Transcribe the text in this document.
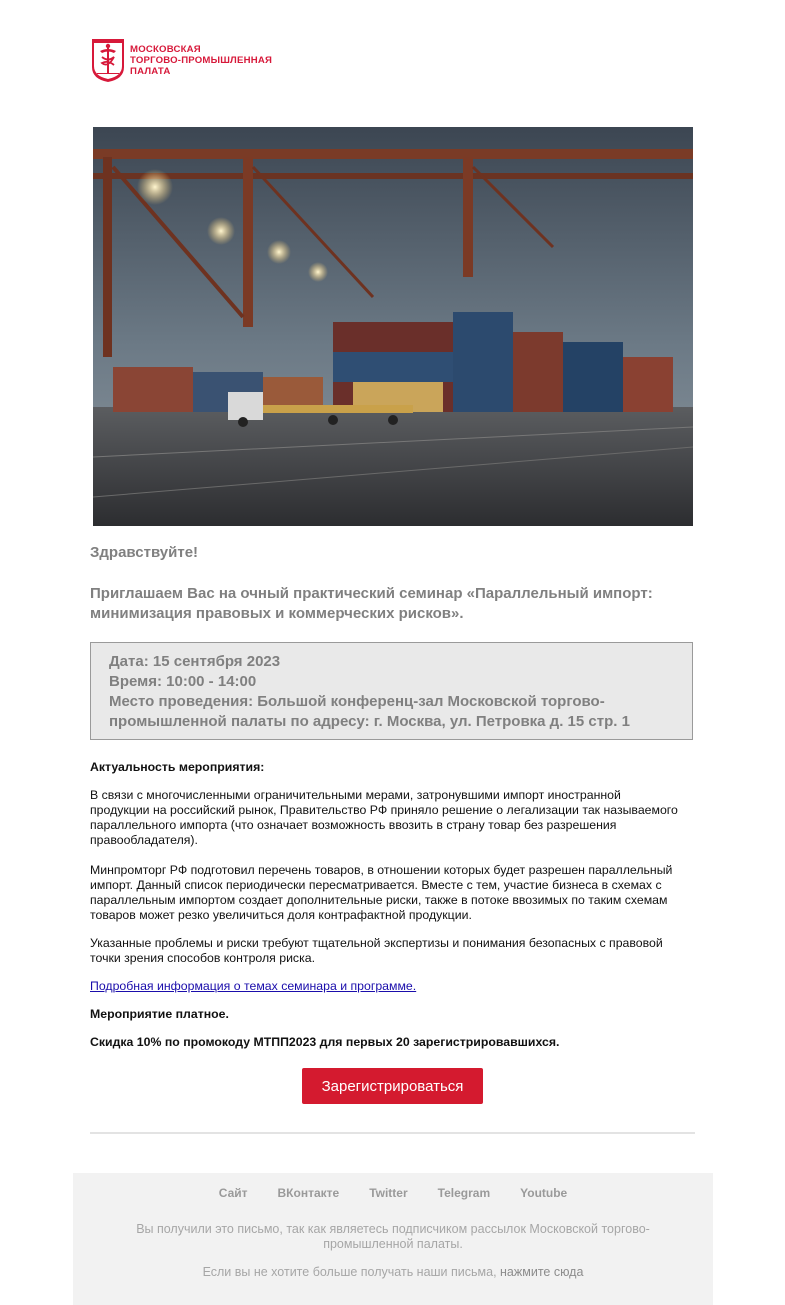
МОСКОВСКАЯ
ТОРГОВО-ПРОМЫШЛЕННАЯ
ПАЛАТА
Здравствуйте!
Приглашаем Вас на очный практический семинар «Параллельный импорт: минимизация правовых и коммерческих рисков».
Дата: 15 сентября 2023
Время: 10:00 - 14:00
Место проведения: Большой конференц-зал Московской торгово-промышленной палаты по адресу: г. Москва, ул. Петровка д. 15 стр. 1

Актуальность мероприятия:

В связи с многочисленными ограничительными мерами, затронувшими импорт иностранной продукции на российский рынок, Правительство РФ приняло решение о легализации так называемого параллельного импорта (что означает возможность ввозить в страну товар без разрешения правообладателя).

Минпромторг РФ подготовил перечень товаров, в отношении которых будет разрешен параллельный импорт. Данный список периодически пересматривается. Вместе с тем, участие бизнеса в схемах с параллельным импортом создает дополнительные риски, также в потоке ввозимых по таким схемам товаров может резко увеличиться доля контрафактной продукции.

Указанные проблемы и риски требуют тщательной экспертизы и понимания безопасных с правовой точки зрения способов контроля риска.

Подробная информация о темах семинара и программе.

Мероприятие платное.

Скидка 10% по промокоду МТПП2023 для первых 20 зарегистрировавшихся.

Зарегистрироваться
Сайт	ВКонтакте	Twitter	Telegram	Youtube
Вы получили это письмо, так как являетесь подписчиком рассылок Московской торгово-промышленной палаты.
Если вы не хотите больше получать наши письма, нажмите сюда
